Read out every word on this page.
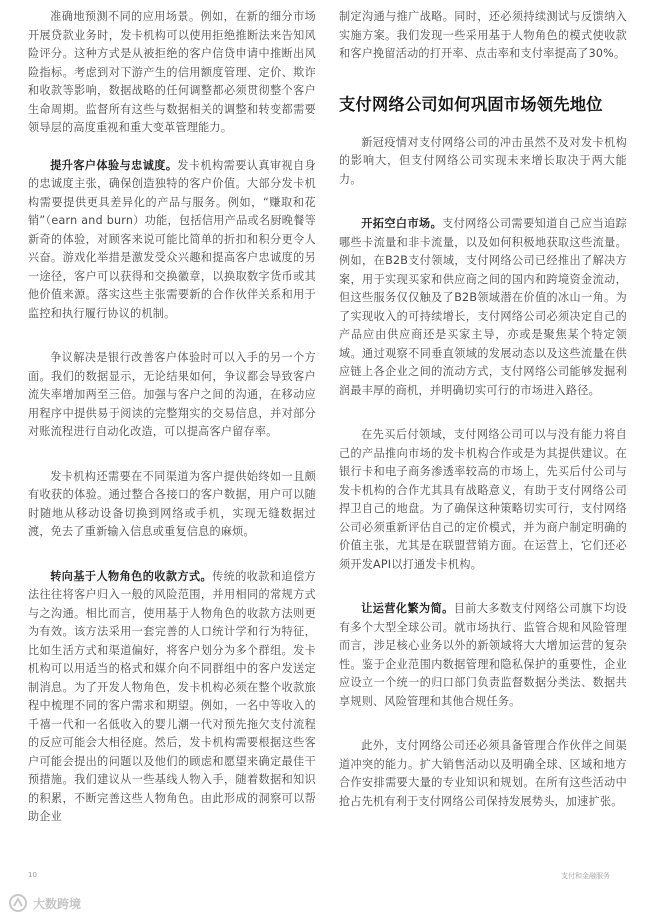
准确地预测不同的应用场景。例如，在新的细分市场开展贷款业务时，发卡机构可以使用拒绝推断法来告知风险评分。这种方式是从被拒绝的客户信贷申请中推断出风险指标。考虑到对下游产生的信用额度管理、定价、欺诈和收款等影响，数据战略的任何调整都必须贯彻整个客户生命周期。监督所有这些与数据相关的调整和转变都需要领导层的高度重视和重大变革管理能力。

提升客户体验与忠诚度。发卡机构需要认真审视自身的忠诚度主张，确保创造独特的客户价值。大部分发卡机构需要提供更具差异化的产品与服务。例如，“赚取和花销”（earn and burn）功能，包括信用产品或名厨晚餐等新奇的体验，对顾客来说可能比简单的折扣和积分更令人兴奋。游戏化举措是激发受众兴趣和提高客户忠诚度的另一途径，客户可以获得和交换徽章，以换取数字货币或其他价值来源。落实这些主张需要新的合作伙伴关系和用于监控和执行履行协议的机制。

争议解决是银行改善客户体验时可以入手的另一个方面。我们的数据显示，无论结果如何，争议都会导致客户流失率增加两至三倍。加强与客户之间的沟通，在移动应用程序中提供易于阅读的完整翔实的交易信息，并对部分对账流程进行自动化改造，可以提高客户留存率。

发卡机构还需要在不同渠道为客户提供始终如一且颇有收获的体验。通过整合各接口的客户数据，用户可以随时随地从移动设备切换到网络或手机，实现无缝数据过渡，免去了重新输入信息或重复信息的麻烦。

转向基于人物角色的收款方式。传统的收款和追偿方法往往将客户归入一般的风险范围，并用相同的常规方式与之沟通。相比而言，使用基于人物角色的收款方法则更为有效。该方法采用一套完善的人口统计学和行为特征，比如生活方式和渠道偏好，将客户划分为多个群组。发卡机构可以用适当的格式和媒介向不同群组中的客户发送定制消息。为了开发人物角色，发卡机构必须在整个收款旅程中梳理不同的客户需求和期望。例如，一名中等收入的千禧一代和一名低收入的婴儿潮一代对预先拖欠支付流程的反应可能会大相径庭。然后，发卡机构需要根据这些客户可能会提出的问题以及他们的顾虑和愿望来确定最佳干预措施。我们建议从一些基线人物入手，随着数据和知识的积累，不断完善这些人物角色。由此形成的洞察可以帮助企业

制定沟通与推广战略。同时，还必须持续测试与反馈纳入实施方案。我们发现一些采用基于人物角色的模式使收款和客户挽留活动的打开率、点击率和支付率提高了30%。

支付网络公司如何巩固市场领先地位

新冠疫情对支付网络公司的冲击虽然不及对发卡机构的影响大，但支付网络公司实现未来增长取决于两大能力。

开拓空白市场。支付网络公司需要知道自己应当追踪哪些卡流量和非卡流量，以及如何积极地获取这些流量。例如，在B2B支付领域，支付网络公司已经推出了解决方案，用于实现买家和供应商之间的国内和跨境资金流动，但这些服务仅仅触及了B2B领域潜在价值的冰山一角。为了实现收入的可持续增长，支付网络公司必须决定自己的产品应由供应商还是买家主导，亦或是聚焦某个特定领域。通过观察不同垂直领域的发展动态以及这些流量在供应链上各企业之间的流动方式，支付网络公司能够发掘利润最丰厚的商机，并明确切实可行的市场进入路径。

在先买后付领域，支付网络公司可以与没有能力将自己的产品推向市场的发卡机构合作或是为其提供建议。在银行卡和电子商务渗透率较高的市场上，先买后付公司与发卡机构的合作尤其具有战略意义，有助于支付网络公司捍卫自己的地盘。为了确保这种策略切实可行，支付网络公司必须重新评估自己的定价模式，并为商户制定明确的价值主张，尤其是在联盟营销方面。在运营上，它们还必须开发API以打通发卡机构。

让运营化繁为简。目前大多数支付网络公司旗下均设有多个大型全球公司。就市场执行、监管合规和风险管理而言，涉足核心业务以外的新领域将大大增加运营的复杂性。鉴于企业范围内数据管理和隐私保护的重要性，企业应设立一个统一的归口部门负责监督数据分类法、数据共享规则、风险管理和其他合规任务。

此外，支付网络公司还必须具备管理合作伙伴之间渠道冲突的能力。扩大销售活动以及明确全球、区域和地方合作安排需要大量的专业知识和规划。在所有这些活动中抢占先机有利于支付网络公司保持发展势头，加速扩张。

10	支付和金融服务
大数跨境
